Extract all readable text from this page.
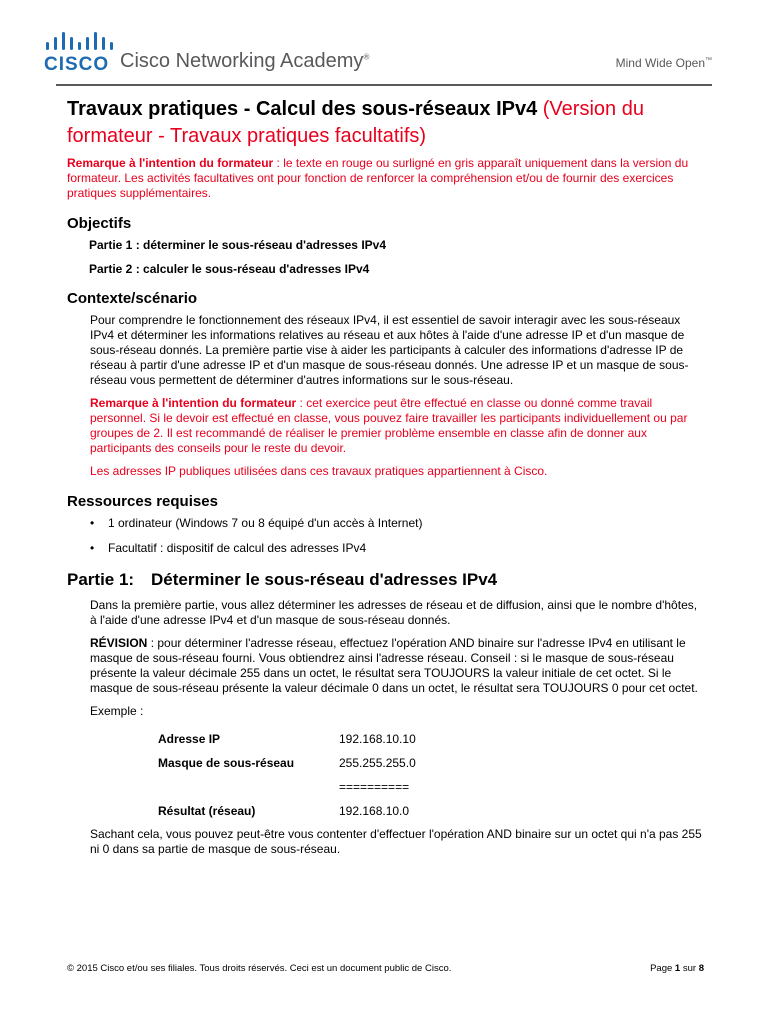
CISCO Cisco Networking Academy®	Mind Wide Open™
Travaux pratiques - Calcul des sous-réseaux IPv4 (Version du formateur - Travaux pratiques facultatifs)

Remarque à l'intention du formateur : le texte en rouge ou surligné en gris apparaît uniquement dans la version du formateur. Les activités facultatives ont pour fonction de renforcer la compréhension et/ou de fournir des exercices pratiques supplémentaires.

Objectifs
Partie 1 : déterminer le sous-réseau d'adresses IPv4
Partie 2 : calculer le sous-réseau d'adresses IPv4
Contexte/scénario

Pour comprendre le fonctionnement des réseaux IPv4, il est essentiel de savoir interagir avec les sous-réseaux IPv4 et déterminer les informations relatives au réseau et aux hôtes à l'aide d'une adresse IP et d'un masque de sous-réseau donnés. La première partie vise à aider les participants à calculer des informations d'adresse IP de réseau à partir d'une adresse IP et d'un masque de sous-réseau donnés. Une adresse IP et un masque de sous-réseau vous permettent de déterminer d'autres informations sur le sous-réseau.

Remarque à l'intention du formateur : cet exercice peut être effectué en classe ou donné comme travail personnel. Si le devoir est effectué en classe, vous pouvez faire travailler les participants individuellement ou par groupes de 2. Il est recommandé de réaliser le premier problème ensemble en classe afin de donner aux participants des conseils pour le reste du devoir.

Les adresses IP publiques utilisées dans ces travaux pratiques appartiennent à Cisco.

Ressources requises
• 1 ordinateur (Windows 7 ou 8 équipé d'un accès à Internet)
• Facultatif : dispositif de calcul des adresses IPv4
Partie 1: Déterminer le sous-réseau d'adresses IPv4

Dans la première partie, vous allez déterminer les adresses de réseau et de diffusion, ainsi que le nombre d'hôtes, à l'aide d'une adresse IPv4 et d'un masque de sous-réseau donnés.

RÉVISION : pour déterminer l'adresse réseau, effectuez l'opération AND binaire sur l'adresse IPv4 en utilisant le masque de sous-réseau fourni. Vous obtiendrez ainsi l'adresse réseau. Conseil : si le masque de sous-réseau présente la valeur décimale 255 dans un octet, le résultat sera TOUJOURS la valeur initiale de cet octet. Si le masque de sous-réseau présente la valeur décimale 0 dans un octet, le résultat sera TOUJOURS 0 pour cet octet.

Exemple :

Adresse IP	192.168.10.10
Masque de sous-réseau	255.255.255.0
	==========
Résultat (réseau)	192.168.10.0

Sachant cela, vous pouvez peut-être vous contenter d'effectuer l'opération AND binaire sur un octet qui n'a pas 255 ni 0 dans sa partie de masque de sous-réseau.

© 2015 Cisco et/ou ses filiales. Tous droits réservés. Ceci est un document public de Cisco.	Page 1 sur 8
